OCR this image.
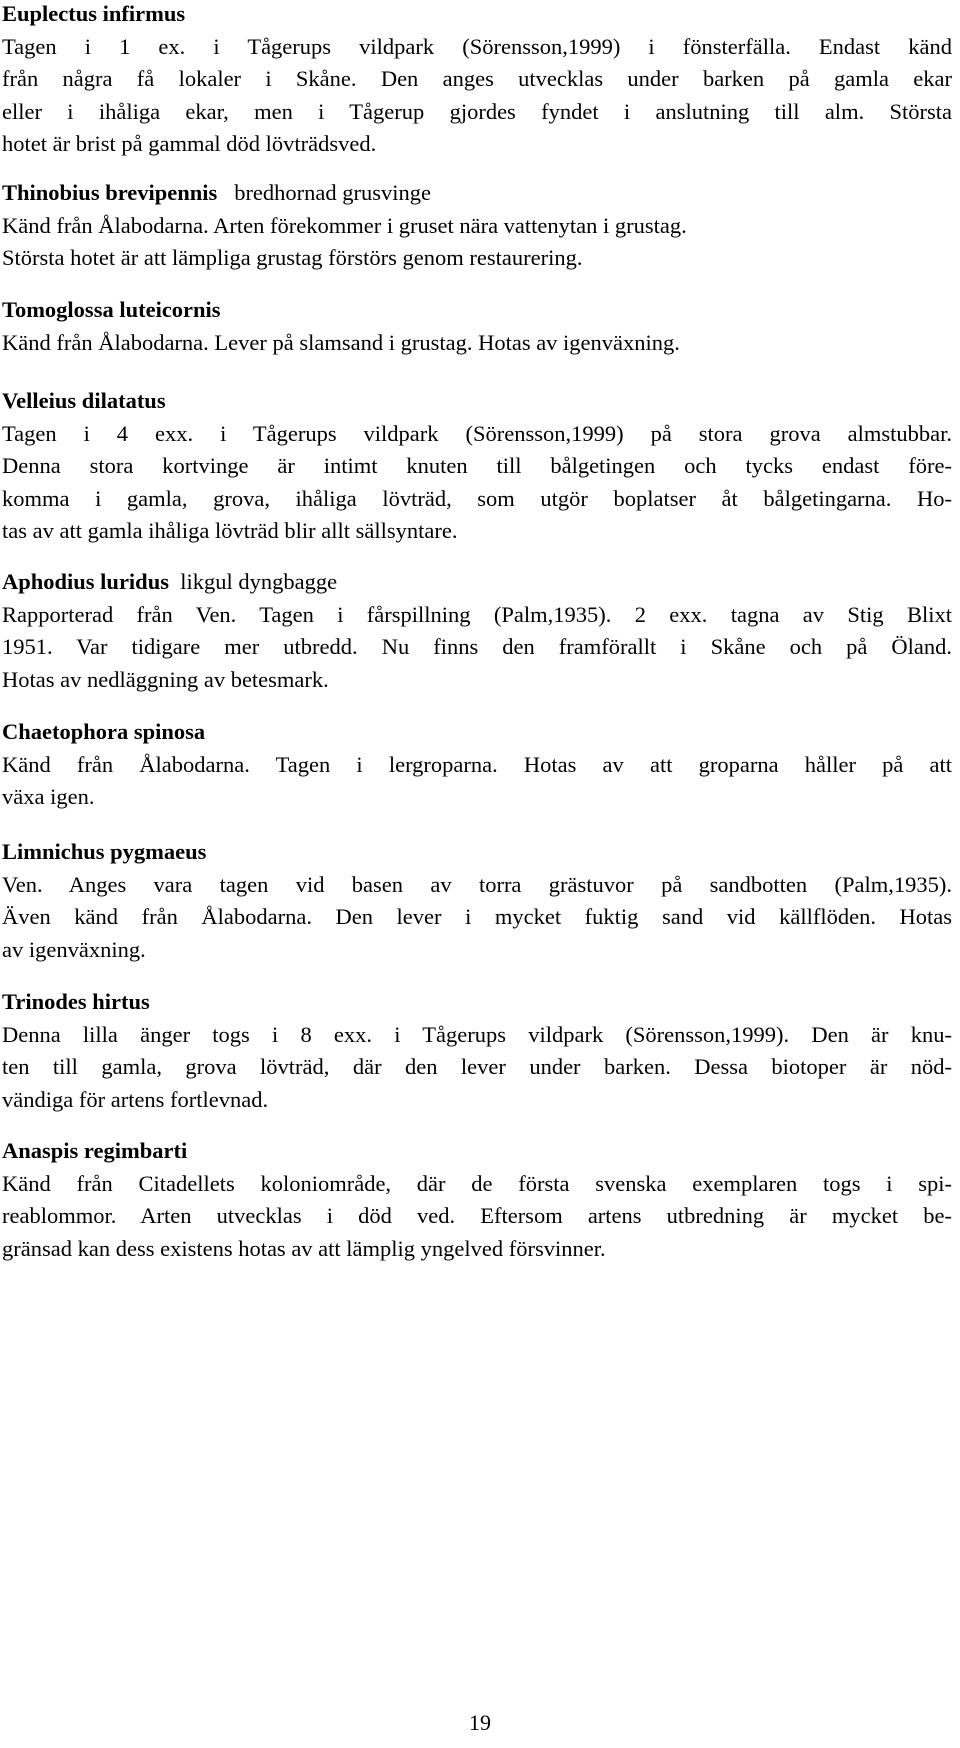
Euplectus infirmus
Tagen i 1 ex. i Tågerups vildpark (Sörensson,1999) i fönsterfälla. Endast känd
från några få lokaler i Skåne. Den anges utvecklas under barken på gamla ekar
eller i ihåliga ekar, men i Tågerup gjordes fyndet i anslutning till alm. Största
hotet är brist på gammal död lövträdsved.
Thinobius brevipennis bredhornad grusvinge
Känd från Ålabodarna. Arten förekommer i gruset nära vattenytan i grustag.
Största hotet är att lämpliga grustag förstörs genom restaurering.
Tomoglossa luteicornis
Känd från Ålabodarna. Lever på slamsand i grustag. Hotas av igenväxning.
Velleius dilatatus
Tagen i 4 exx. i Tågerups vildpark (Sörensson,1999) på stora grova almstubbar.
Denna stora kortvinge är intimt knuten till bålgetingen och tycks endast före-
komma i gamla, grova, ihåliga lövträd, som utgör boplatser åt bålgetingarna. Ho-
tas av att gamla ihåliga lövträd blir allt sällsyntare.
Aphodius luridus likgul dyngbagge
Rapporterad från Ven. Tagen i fårspillning (Palm,1935). 2 exx. tagna av Stig Blixt
1951. Var tidigare mer utbredd. Nu finns den framförallt i Skåne och på Öland.
Hotas av nedläggning av betesmark.
Chaetophora spinosa
Känd från Ålabodarna. Tagen i lergroparna. Hotas av att groparna håller på att
växa igen.
Limnichus pygmaeus
Ven. Anges vara tagen vid basen av torra grästuvor på sandbotten (Palm,1935).
Även känd från Ålabodarna. Den lever i mycket fuktig sand vid källflöden. Hotas
av igenväxning.
Trinodes hirtus
Denna lilla änger togs i 8 exx. i Tågerups vildpark (Sörensson,1999). Den är knu-
ten till gamla, grova lövträd, där den lever under barken. Dessa biotoper är nöd-
vändiga för artens fortlevnad.
Anaspis regimbarti
Känd från Citadellets koloniområde, där de första svenska exemplaren togs i spi-
reablommor. Arten utvecklas i död ved. Eftersom artens utbredning är mycket be-
gränsad kan dess existens hotas av att lämplig yngelved försvinner.
19
